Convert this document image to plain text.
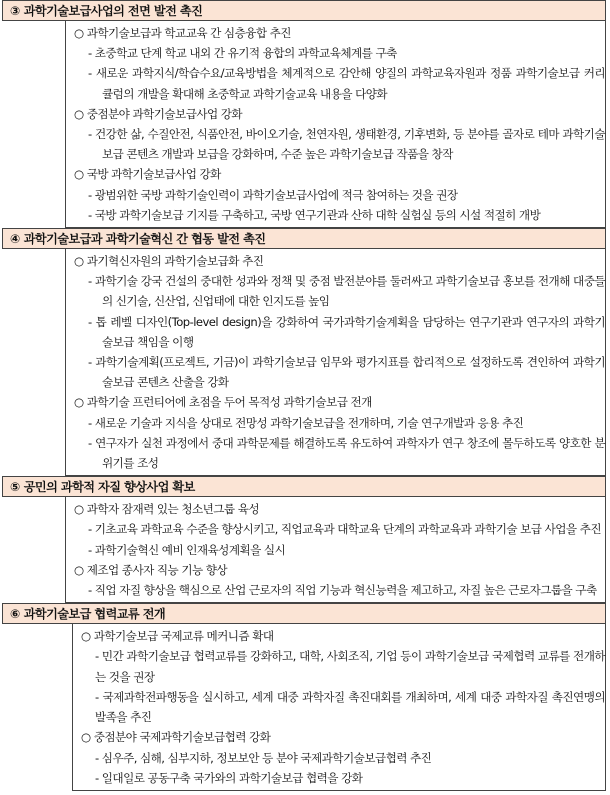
③ 과학기술보급사업의 전면 발전 촉진
○ 과학기술보급과 학교교육 간 심층융합 추진
- 초중학교 단계 학교 내외 간 유기적 융합의 과학교육체계를 구축
- 새로운 과학지식/학습수요/교육방법을 체계적으로 감안해 양질의 과학교육자원과 정품 과학기술보급 커리큘럼의 개발을 확대해 초중학교 과학기술교육 내용을 다양화
○ 중점분야 과학기술보급사업 강화
- 건강한 삶, 수질안전, 식품안전, 바이오기술, 천연자원, 생태환경, 기후변화, 등 분야를 골자로 테마 과학기술보급 콘텐츠 개발과 보급을 강화하며, 수준 높은 과학기술보급 작품을 창작
○ 국방 과학기술보급사업 강화
- 광범위한 국방 과학기술인력이 과학기술보급사업에 적극 참여하는 것을 권장
- 국방 과학기술보급 기지를 구축하고, 국방 연구기관과 산하 대학 실험실 등의 시설 적절히 개방
④ 과학기술보급과 과학기술혁신 간 협동 발전 촉진
○ 과기혁신자원의 과학기술보급화 추진
- 과학기술 강국 건설의 중대한 성과와 정책 및 중점 발전분야를 둘러싸고 과학기술보급 홍보를 전개해 대중들의 신기술, 신산업, 신업태에 대한 인지도를 높임
- 톱 레벨 디자인(Top-level design)을 강화하여 국가과학기술계획을 담당하는 연구기관과 연구자의 과학기술보급 책임을 이행
- 과학기술계획(프로젝트, 기금)이 과학기술보급 임무와 평가지표를 합리적으로 설정하도록 견인하여 과학기술보급 콘텐츠 산출을 강화
○ 과학기술 프런티어에 초점을 두어 목적성 과학기술보급 전개
- 새로운 기술과 지식을 상대로 전망성 과학기술보급을 전개하며, 기술 연구개발과 응용 추진
- 연구자가 실천 과정에서 중대 과학문제를 해결하도록 유도하여 과학자가 연구 창조에 몰두하도록 양호한 분위기를 조성
⑤ 공민의 과학적 자질 향상사업 확보
○ 과학자 잠재력 있는 청소년그룹 육성
- 기초교육 과학교육 수준을 향상시키고, 직업교육과 대학교육 단계의 과학교육과 과학기술 보급 사업을 추진
- 과학기술혁신 예비 인재육성계획을 실시
○ 제조업 종사자 직능 기능 향상
- 직업 자질 향상을 핵심으로 산업 근로자의 직업 기능과 혁신능력을 제고하고, 자질 높은 근로자그룹을 구축
⑥ 과학기술보급 협력교류 전개
○ 과학기술보급 국제교류 메커니즘 확대
- 민간 과학기술보급 협력교류를 강화하고, 대학, 사회조직, 기업 등이 과학기술보급 국제협력 교류를 전개하는 것을 권장
- 국제과학전파행동을 실시하고, 세계 대중 과학자질 촉진대회를 개최하며, 세계 대중 과학자질 촉진연맹의 발족을 추진
○ 중점분야 국제과학기술보급협력 강화
- 심우주, 심해, 심부지하, 정보보안 등 분야 국제과학기술보급협력 추진
- 일대일로 공동구축 국가와의 과학기술보급 협력을 강화
